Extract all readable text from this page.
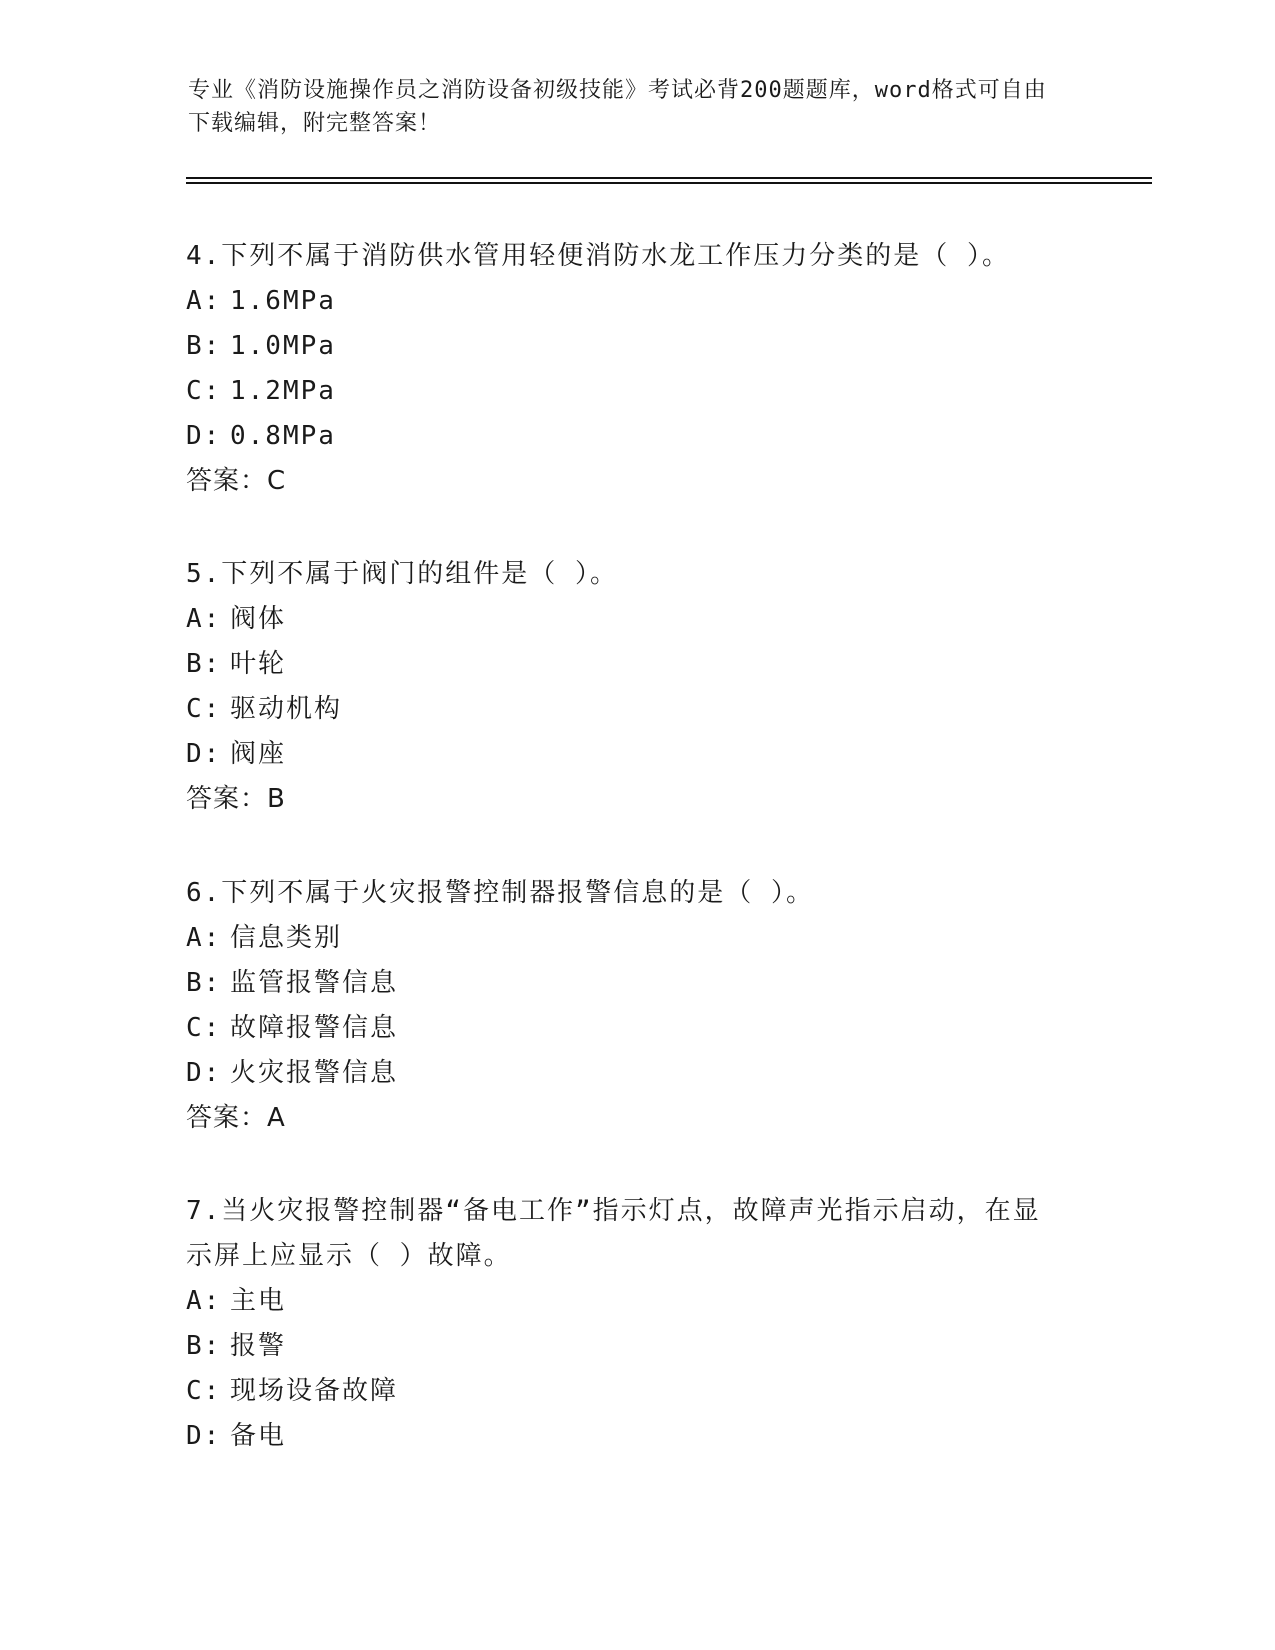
专业《消防设施操作员之消防设备初级技能》考试必背200题题库，word格式可自由下载编辑，附完整答案！
4.下列不属于消防供水管用轻便消防水龙工作压力分类的是（ ）。
A: 1.6MPa
B: 1.0MPa
C: 1.2MPa
D: 0.8MPa
答案：C
5.下列不属于阀门的组件是（ ）。
A: 阀体
B: 叶轮
C: 驱动机构
D: 阀座
答案：B
6.下列不属于火灾报警控制器报警信息的是（ ）。
A: 信息类别
B: 监管报警信息
C: 故障报警信息
D: 火灾报警信息
答案：A
7.当火灾报警控制器“备电工作”指示灯点，故障声光指示启动，在显示屏上应显示（ ）故障。
A: 主电
B: 报警
C: 现场设备故障
D: 备电
